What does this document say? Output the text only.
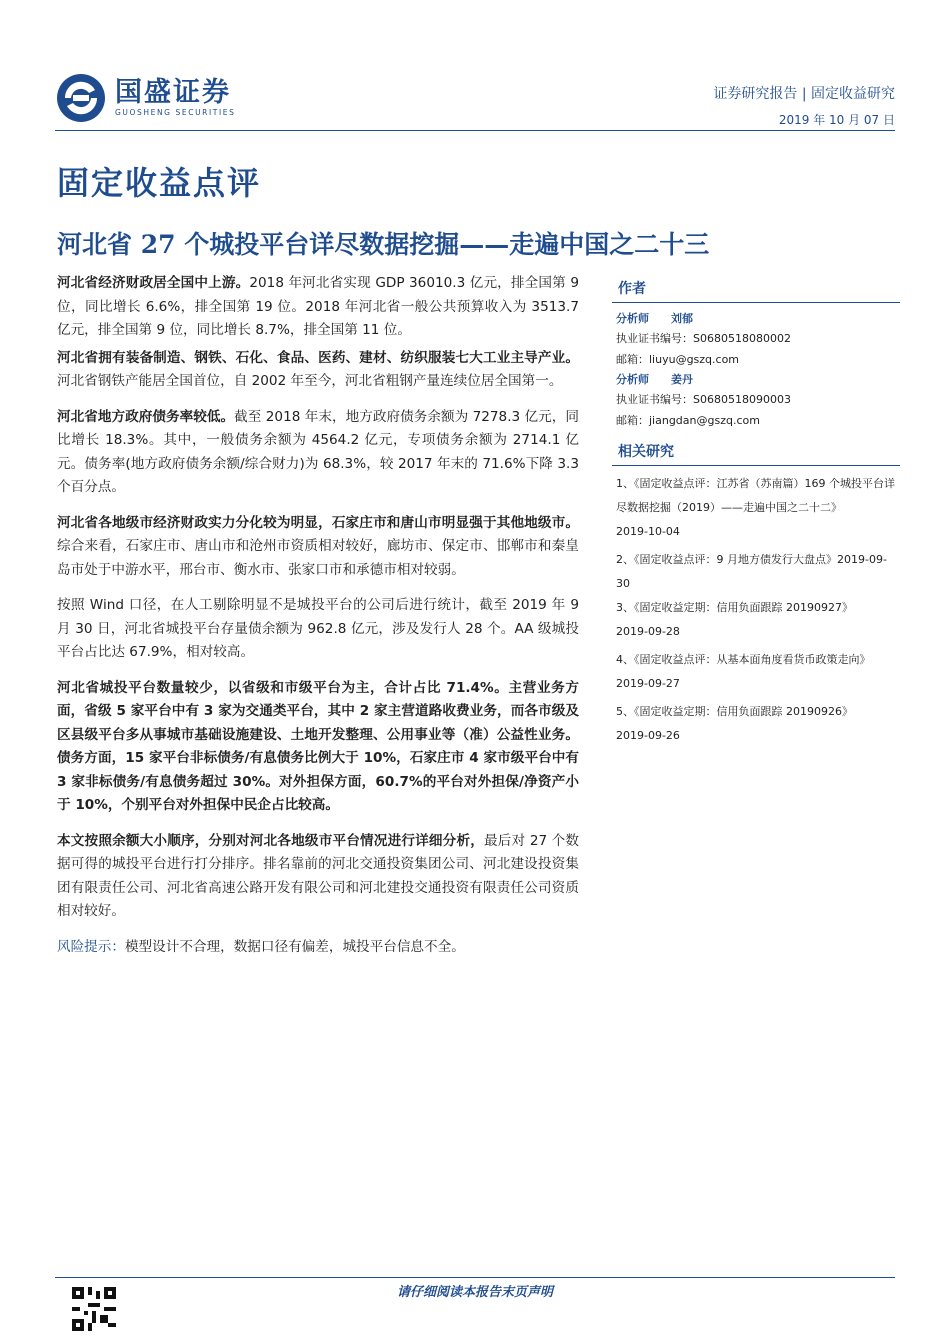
国盛证券
GUOSHENG SECURITIES
证券研究报告 | 固定收益研究
2019 年 10 月 07 日
固定收益点评
河北省 27 个城投平台详尽数据挖掘——走遍中国之二十三

河北省经济财政居全国中上游。2018 年河北省实现 GDP 36010.3 亿元，排全国第 9 位，同比增长 6.6%，排全国第 19 位。2018 年河北省一般公共预算收入为 3513.7 亿元，排全国第 9 位，同比增长 8.7%，排全国第 11 位。

河北省拥有装备制造、钢铁、石化、食品、医药、建材、纺织服装七大工业主导产业。河北省钢铁产能居全国首位，自 2002 年至今，河北省粗钢产量连续位居全国第一。

河北省地方政府债务率较低。截至 2018 年末，地方政府债务余额为 7278.3 亿元，同比增长 18.3%。其中，一般债务余额为 4564.2 亿元，专项债务余额为 2714.1 亿元。债务率(地方政府债务余额/综合财力)为 68.3%，较 2017 年末的 71.6%下降 3.3 个百分点。

河北省各地级市经济财政实力分化较为明显，石家庄市和唐山市明显强于其他地级市。综合来看，石家庄市、唐山市和沧州市资质相对较好，廊坊市、保定市、邯郸市和秦皇岛市处于中游水平，邢台市、衡水市、张家口市和承德市相对较弱。

按照 Wind 口径，在人工剔除明显不是城投平台的公司后进行统计，截至 2019 年 9 月 30 日，河北省城投平台存量债余额为 962.8 亿元，涉及发行人 28 个。AA 级城投平台占比达 67.9%，相对较高。

河北省城投平台数量较少，以省级和市级平台为主，合计占比 71.4%。主营业务方面，省级 5 家平台中有 3 家为交通类平台，其中 2 家主营道路收费业务，而各市级及区县级平台多从事城市基础设施建设、土地开发整理、公用事业等（准）公益性业务。债务方面，15 家平台非标债务/有息债务比例大于 10%，石家庄市 4 家市级平台中有 3 家非标债务/有息债务超过 30%。对外担保方面，60.7%的平台对外担保/净资产小于 10%，个别平台对外担保中民企占比较高。

本文按照余额大小顺序，分别对河北各地级市平台情况进行详细分析，最后对 27 个数据可得的城投平台进行打分排序。排名靠前的河北交通投资集团公司、河北建设投资集团有限责任公司、河北省高速公路开发有限公司和河北建投交通投资有限责任公司资质相对较好。

风险提示：模型设计不合理，数据口径有偏差，城投平台信息不全。

作者
分析师 刘郁
执业证书编号：S0680518080002
邮箱：liuyu@gszq.com
分析师 姜丹
执业证书编号：S0680518090003
邮箱：jiangdan@gszq.com
相关研究
1、《固定收益点评：江苏省（苏南篇）169 个城投平台详尽数据挖掘（2019）——走遍中国之二十二》
2019-10-04
2、《固定收益点评：9 月地方债发行大盘点》2019-09-30
3、《固定收益定期：信用负面跟踪 20190927》
2019-09-28
4、《固定收益点评：从基本面角度看货币政策走向》
2019-09-27
5、《固定收益定期：信用负面跟踪 20190926》
2019-09-26
请仔细阅读本报告末页声明
